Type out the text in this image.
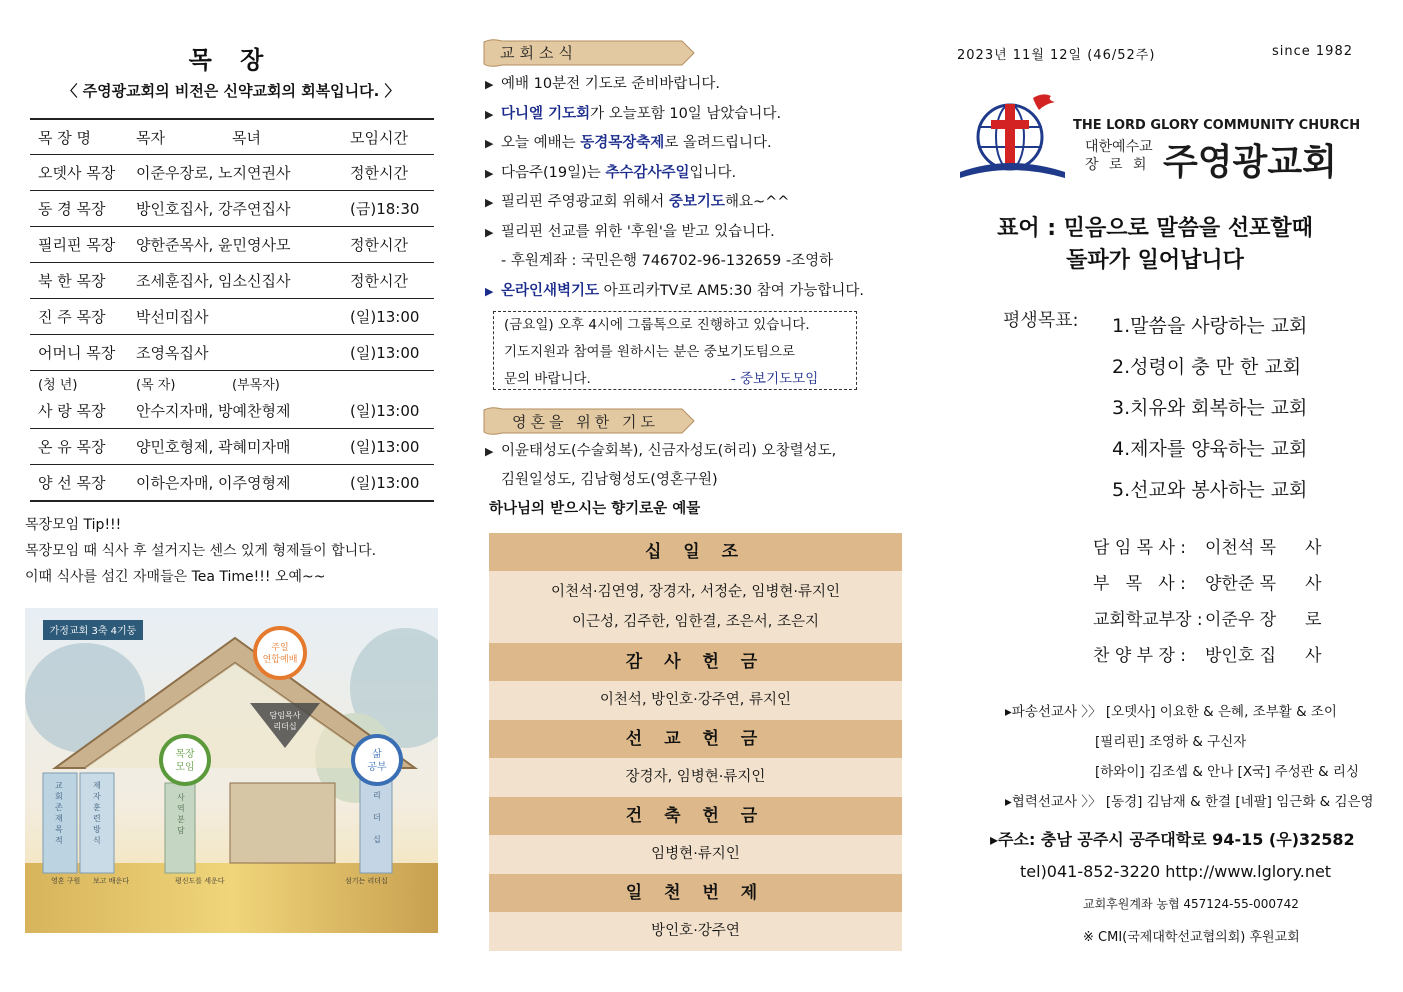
목 장
〈 주영광교회의 비전은 신약교회의 회복입니다. 〉
목 장 명	목자	목녀	모임시간
오뎃사 목장	이준우장로, 노지연권사		정한시간
동 경 목장	방인호집사, 강주연집사		(금)18:30
필리핀 목장	양한준목사, 윤민영사모		정한시간
북 한 목장	조세훈집사, 임소신집사		정한시간
진 주 목장	박선미집사		(일)13:00
어머니 목장	조영옥집사		(일)13:00
(청 년)	(목 자)	(부목자)	
사 랑 목장	안수지자매, 방예찬형제		(일)13:00
온 유 목장	양민호형제, 곽혜미자매		(일)13:00
양 선 목장	이하은자매, 이주영형제		(일)13:00
목장모임 Tip!!!
목장모임 때 식사 후 설거지는 센스 있게 형제들이 합니다.
이때 식사를 섬긴 자매들은 Tea Time!!! 오예~~
담임목사
리더십
주일
연합예배
목장
모임
삶
공부
가정교회 3축 4기둥
교 회 존 재 목 적
제 자 훈 련 방 식
사 역 분 담
리 더 십
영혼 구원 보고 배운다	평신도를 세운다	섬기는 리더십
교회소식
▶ 예배 10분전 기도로 준비바랍니다.
▶ 다니엘 기도회가 오늘포함 10일 남았습니다.
▶ 오늘 예배는 동경목장축제로 올려드립니다.
▶ 다음주(19일)는 추수감사주일입니다.
▶ 필리핀 주영광교회 위해서 중보기도해요~^^
▶ 필리핀 선교를 위한 '후원'을 받고 있습니다.
- 후원계좌 : 국민은행 746702-96-132659 -조영하
▶ 온라인새벽기도 아프리카TV로 AM5:30 참여 가능합니다.
(금요일) 오후 4시에 그룹톡으로 진행하고 있습니다.
기도지원과 참여를 원하시는 분은 중보기도팀으로
문의 바랍니다.	- 중보기도모임
영혼을 위한 기도
▶ 이윤태성도(수술회복), 신금자성도(허리) 오창렬성도,
김원일성도, 김남형성도(영혼구원)
하나님의 받으시는 향기로운 예물
십 일 조
이천석·김연영, 장경자, 서정순, 임병현·류지인
이근성, 김주한, 임한결, 조은서, 조은지
감 사 헌 금
이천석, 방인호·강주연, 류지인
선 교 헌 금
장경자, 임병현·류지인
건 축 헌 금
임병현·류지인
일 천 번 제
방인호·강주연
2023년 11월 12일 (46/52주)	since 1982
THE LORD GLORY COMMUNITY CHURCH
대한예수교
장 로 회 주영광교회
표어 : 믿음으로 말씀을 선포할때
돌파가 일어납니다
평생목표: 1.말씀을 사랑하는 교회
2.성령이 충 만 한 교회
3.치유와 회복하는 교회
4.제자를 양육하는 교회
5.선교와 봉사하는 교회
담 임 목 사 :	이천석 목	사
부   목   사 :	양한준 목	사
교회학교부장 : 이준우 장	로
찬 양 부 장 :	방인호 집	사
▸파송선교사 〉〉 [오뎃사] 이요한 & 은혜, 조부활 & 조이
[필리핀] 조영하 & 구신자
[하와이] 김조셉 & 안나 [X국] 주성관 & 리싱
▸협력선교사 〉〉 [동경] 김남재 & 한결 [네팔] 임근화 & 김은영
▸주소: 충남 공주시 공주대학로 94-15 (우)32582
tel)041-852-3220 http://www.lglory.net
교회후원계좌 농협 457124-55-000742
※ CMI(국제대학선교협의회) 후원교회
